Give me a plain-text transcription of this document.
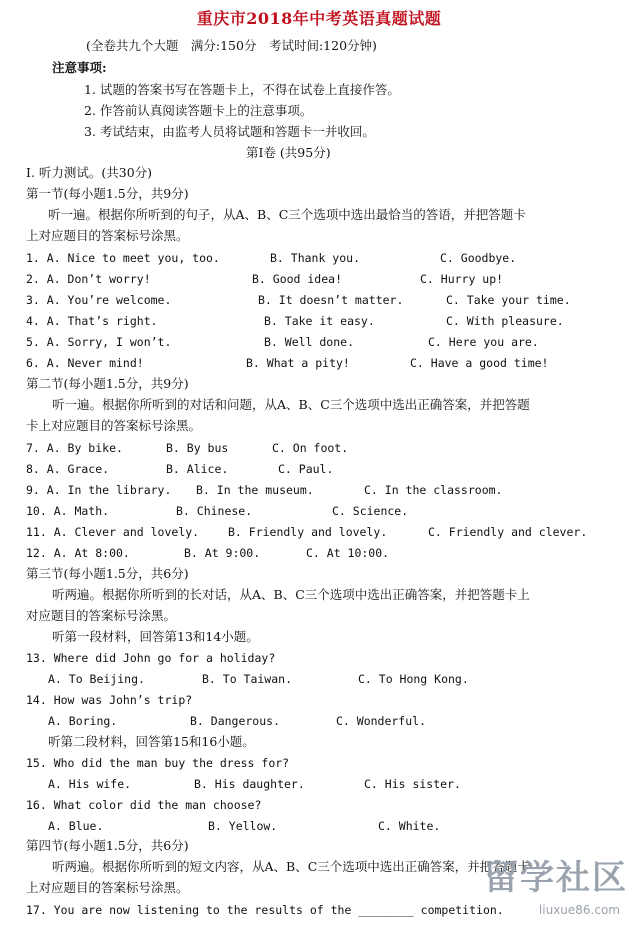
重庆市2018年中考英语真题试题
(全卷共九个大题　满分:150分　考试时间:120分钟)
注意事项:
1. 试题的答案书写在答题卡上，不得在试卷上直接作答。
2. 作答前认真阅读答题卡上的注意事项。
3. 考试结束，由监考人员将试题和答题卡一并收回。
第Ⅰ卷 (共95分)
I. 听力测试。(共30分)
第一节(每小题1.5分，共9分)
听一遍。根据你所听到的句子，从A、B、C三个选项中选出最恰当的答语，并把答题卡
上对应题目的答案标号涂黑。
1. A. Nice to meet you, too.	B. Thank you.	C. Goodbye.
2. A. Don’t worry!	B. Good idea!	C. Hurry up!
3. A. You’re welcome.	B. It doesn’t matter.	C. Take your time.
4. A. That’s right.	B. Take it easy.	C. With pleasure.
5. A. Sorry, I won’t.	B. Well done.	C. Here you are.
6. A. Never mind!	B. What a pity!	C. Have a good time!
第二节(每小题1.5分，共9分)
听一遍。根据你所听到的对话和问题，从A、B、C三个选项中选出正确答案，并把答题
卡上对应题目的答案标号涂黑。
7. A. By bike.	B. By bus	C. On foot.
8. A. Grace.	B. Alice.	C. Paul.
9. A. In the library. B. In the museum.	C. In the classroom.
10. A. Math.	B. Chinese.	C. Science.
11. A. Clever and lovely.	B. Friendly and lovely.	C. Friendly and clever.
12. A. At 8:00.	B. At 9:00.	C. At 10:00.
第三节(每小题1.5分，共6分)
听两遍。根据你所听到的长对话，从A、B、C三个选项中选出正确答案，并把答题卡上
对应题目的答案标号涂黑。
听第一段材料，回答第13和14小题。
13. Where did John go for a holiday?
A. To Beijing.	B. To Taiwan.	C. To Hong Kong.
14. How was John’s trip?
A. Boring.	B. Dangerous.	C. Wonderful.
听第二段材料，回答第15和16小题。
15. Who did the man buy the dress for?
A. His wife.	B. His daughter.	C. His sister.
16. What color did the man choose?
A. Blue.	B. Yellow.	C. White.
第四节(每小题1.5分，共6分)
听两遍。根据你所听到的短文内容，从A、B、C三个选项中选出正确答案，并把答题卡
上对应题目的答案标号涂黑。
17. You are now listening to the results of the ________ competition.
留学社区
liuxue86.com
